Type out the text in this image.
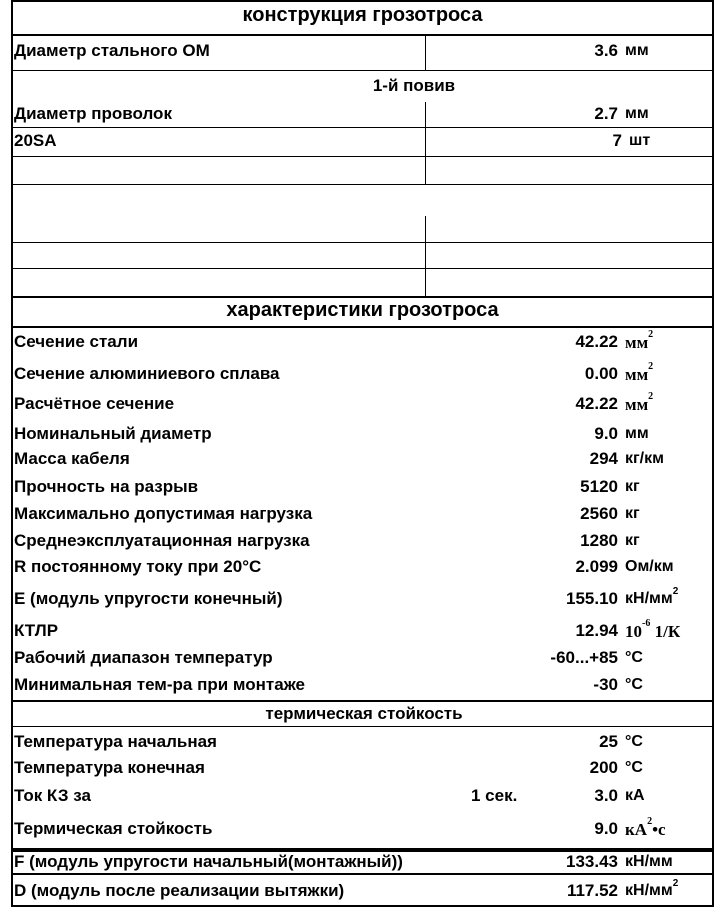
конструкция грозотроса
Диаметр стального ОМ	3.6 мм
1-й повив
Диаметр проволок	2.7 мм
20SA	7 шт
характеристики грозотроса
Сечение стали	42.22 $мм^2$
Сечение алюминиевого сплава	0.00 $мм^2$
Расчётное сечение	42.22 $мм^2$
Номинальный диаметр	9.0 мм
Масса кабеля	294 кг/км
Прочность на разрыв	5120 кг
Максимально допустимая нагрузка	2560 кг
Среднеэксплуатационная нагрузка	1280 кг
R постоянному току при 20°С	2.099 Ом/км
Е (модуль упругости конечный)	155.10 $кН/мм^2$
КТЛР	12.94 $10^{-6}$ 1/К
Рабочий диапазон температур	-60...+85 °С
Минимальная тем-ра при монтаже	-30 °С
термическая стойкость
Температура начальная	25 °С
Температура конечная	200 °С
Ток КЗ за	1 сек.	3.0 кА
Термическая стойкость	9.0 $кА^2•с$
F (модуль упругости начальный(монтажный))	133.43 кН/мм
D (модуль после реализации вытяжки)	117.52 $кН/мм^2$
